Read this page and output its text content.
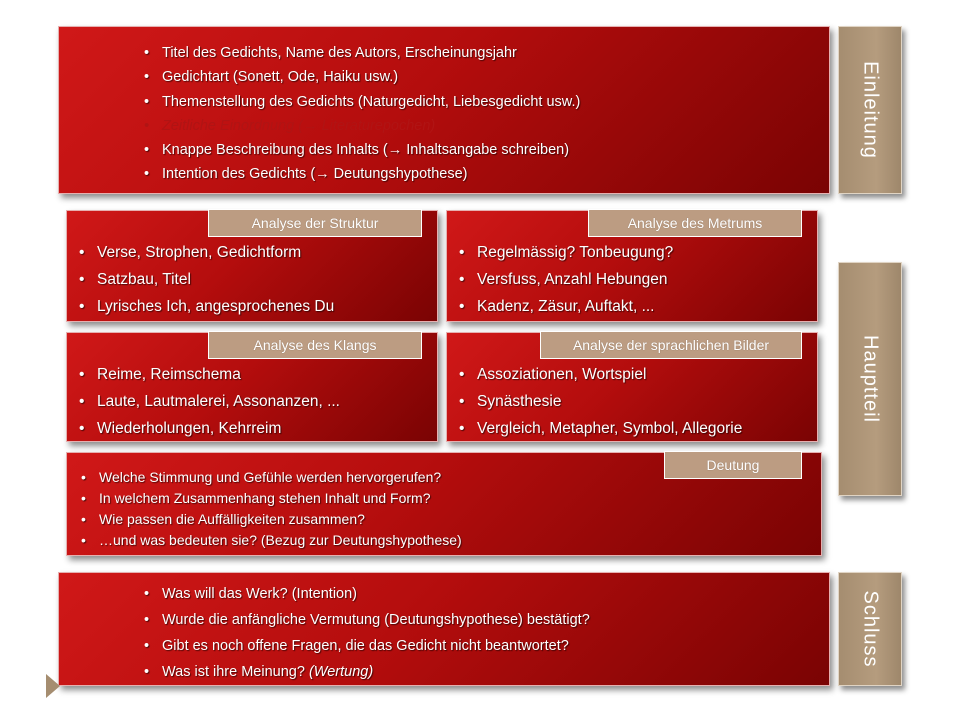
• Titel des Gedichts, Name des Autors, Erscheinungsjahr
• Gedichtart (Sonett, Ode, Haiku usw.)
• Themenstellung des Gedichts (Naturgedicht, Liebesgedicht usw.)
• Zeitliche Einordnung (→ Literaturepochen)
• Knappe Beschreibung des Inhalts (→ Inhaltsangabe schreiben)
• Intention des Gedichts (→ Deutungshypothese)
Einleitung
• Verse, Strophen, Gedichtform
• Satzbau, Titel
• Lyrisches Ich, angesprochenes Du
Analyse der Struktur
• Regelmässig? Tonbeugung?
• Versfuss, Anzahl Hebungen
• Kadenz, Zäsur, Auftakt, ...
Analyse des Metrums
• Reime, Reimschema
• Laute, Lautmalerei, Assonanzen, ...
• Wiederholungen, Kehrreim
Analyse des Klangs
• Assoziationen, Wortspiel
• Synästhesie
• Vergleich, Metapher, Symbol, Allegorie
Analyse der sprachlichen Bilder
• Welche Stimmung und Gefühle werden hervorgerufen?
• In welchem Zusammenhang stehen Inhalt und Form?
• Wie passen die Auffälligkeiten zusammen?
• …und was bedeuten sie? (Bezug zur Deutungshypothese)
Deutung
Hauptteil
• Was will das Werk? (Intention)
• Wurde die anfängliche Vermutung (Deutungshypothese) bestätigt?
• Gibt es noch offene Fragen, die das Gedicht nicht beantwortet?
• Was ist ihre Meinung? (Wertung)
Schluss
